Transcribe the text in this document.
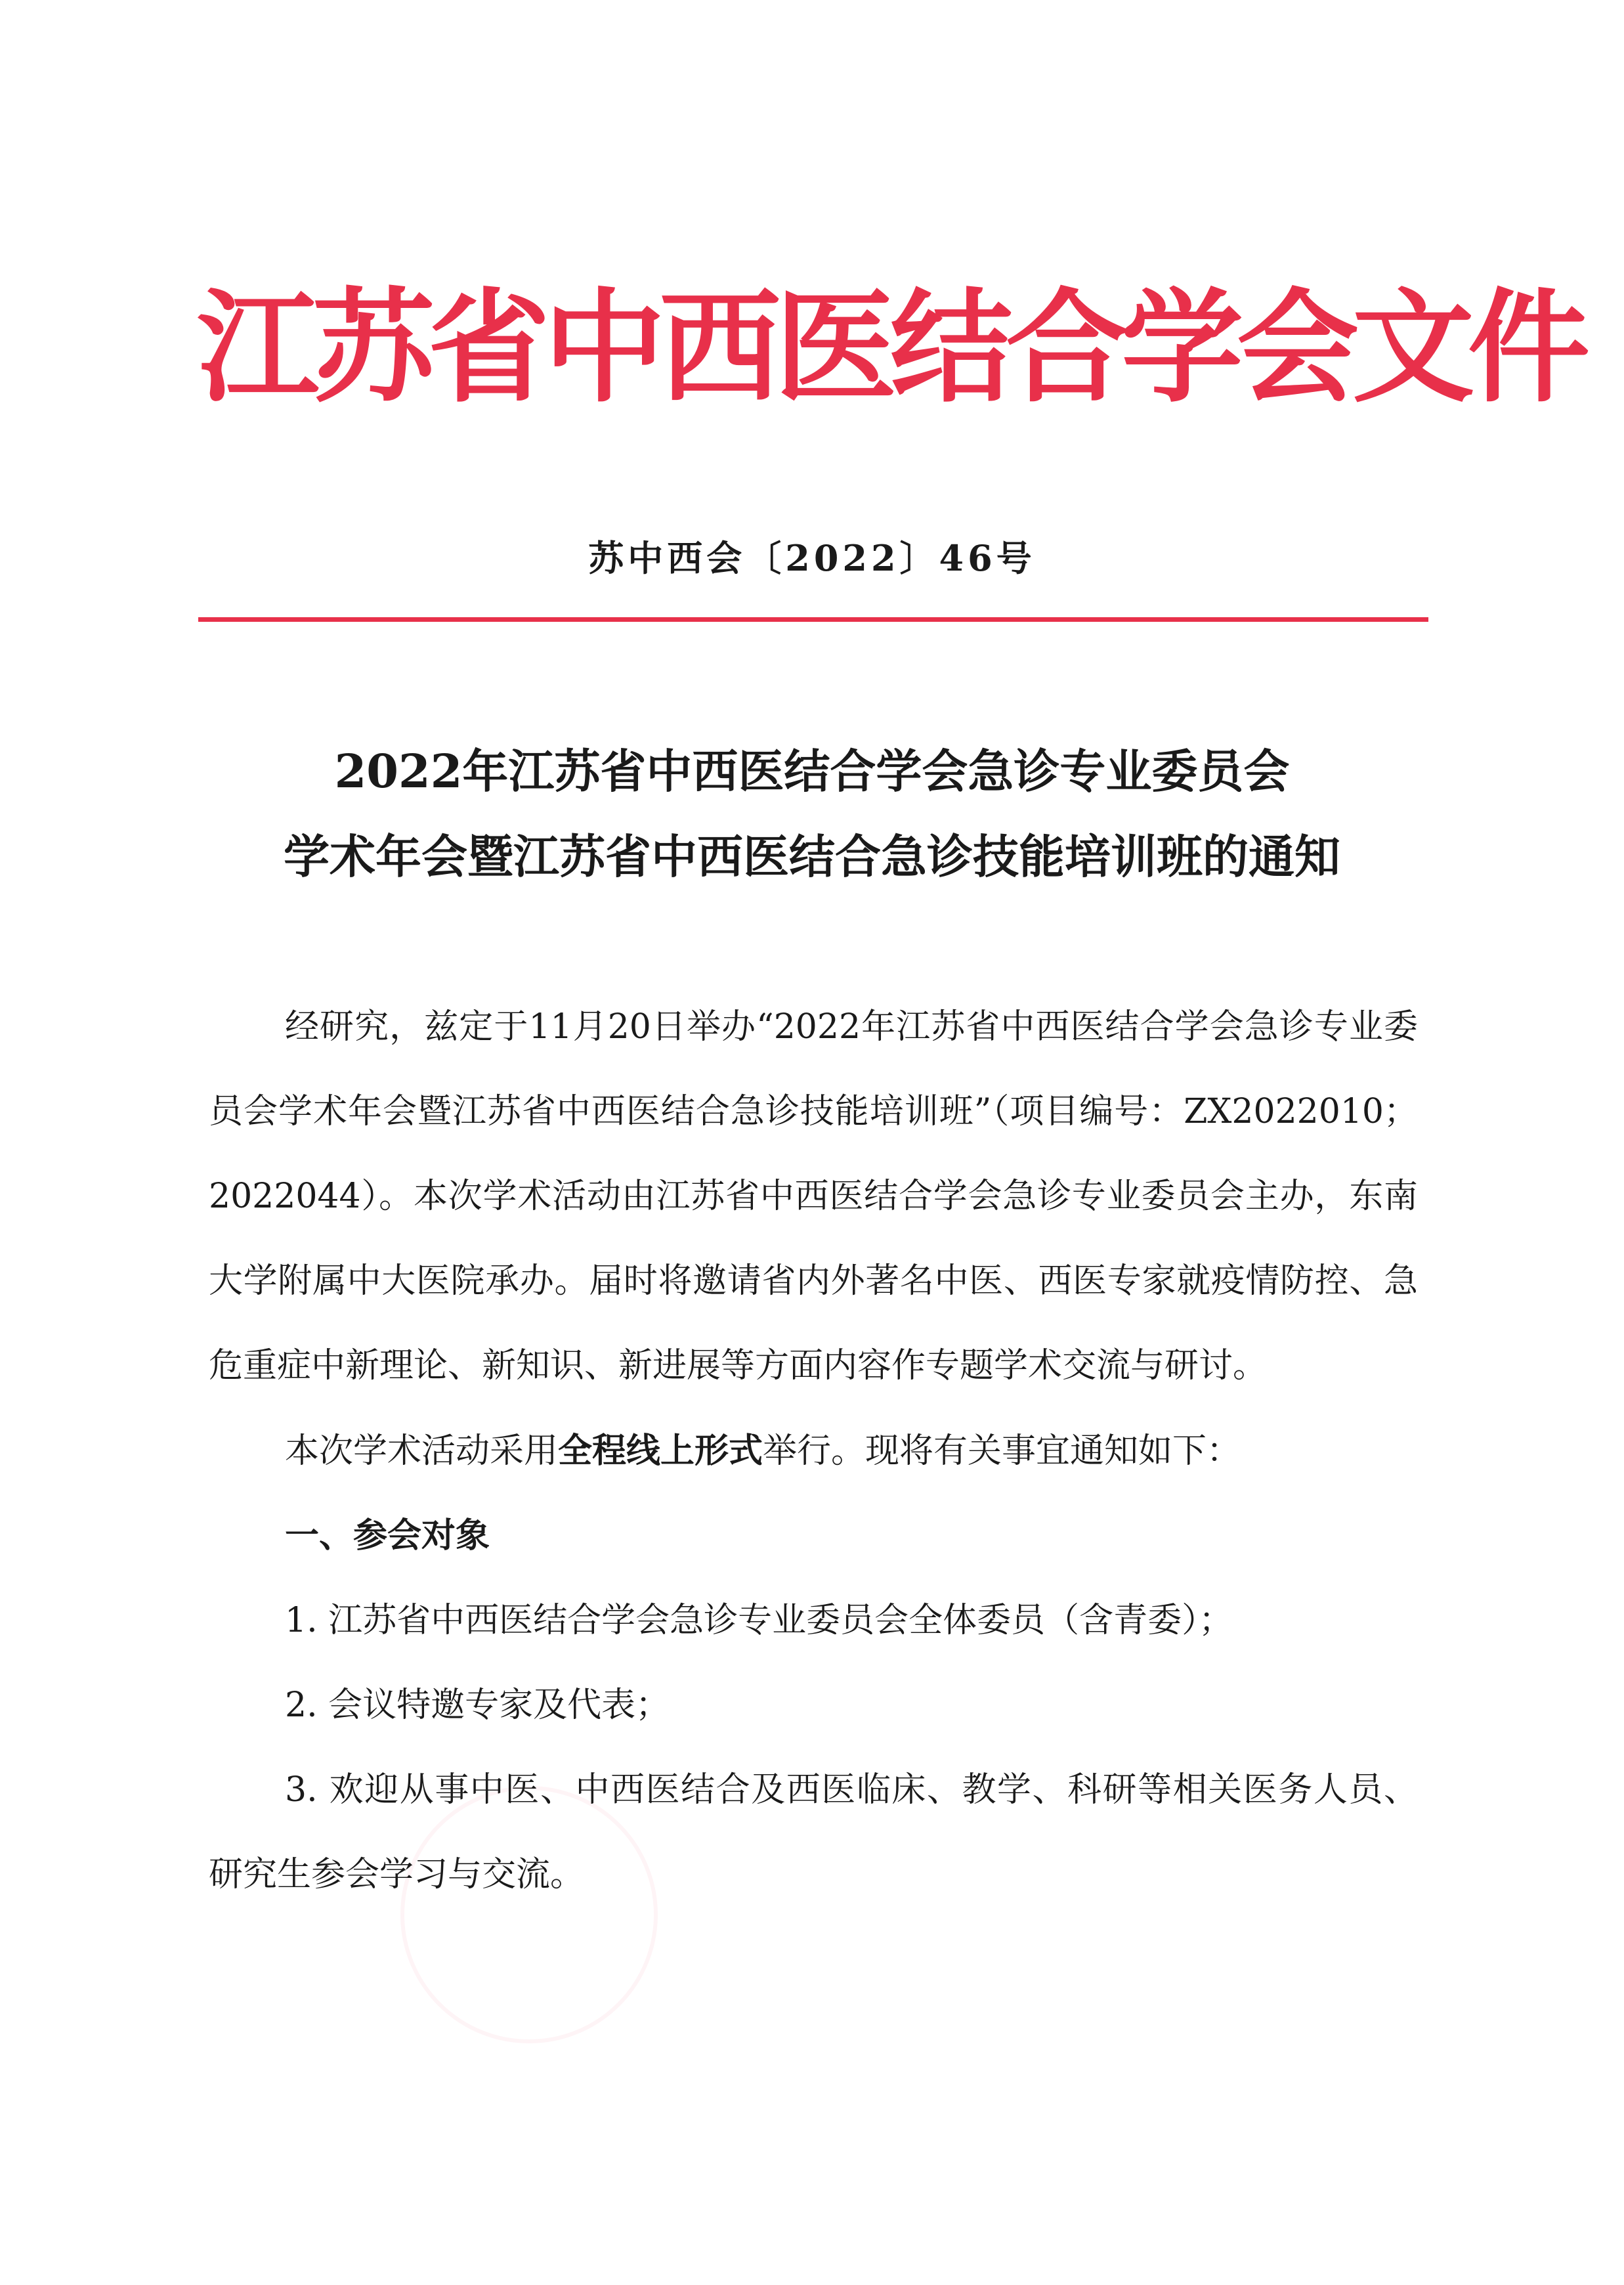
江苏省中西医结合学会文件
苏中西会〔2022〕46号
2022年江苏省中西医结合学会急诊专业委员会
学术年会暨江苏省中西医结合急诊技能培训班的通知

经研究，兹定于11月20日举办“2022年江苏省中西医结合学会急诊专业委员会学术年会暨江苏省中西医结合急诊技能培训班”（项目编号：ZX2022010；2022044）。本次学术活动由江苏省中西医结合学会急诊专业委员会主办，东南大学附属中大医院承办。届时将邀请省内外著名中医、西医专家就疫情防控、急危重症中新理论、新知识、新进展等方面内容作专题学术交流与研讨。

本次学术活动采用全程线上形式举行。现将有关事宜通知如下：

一、参会对象

1. 江苏省中西医结合学会急诊专业委员会全体委员（含青委）；

2. 会议特邀专家及代表；

3. 欢迎从事中医、中西医结合及西医临床、教学、科研等相关医务人员、研究生参会学习与交流。
